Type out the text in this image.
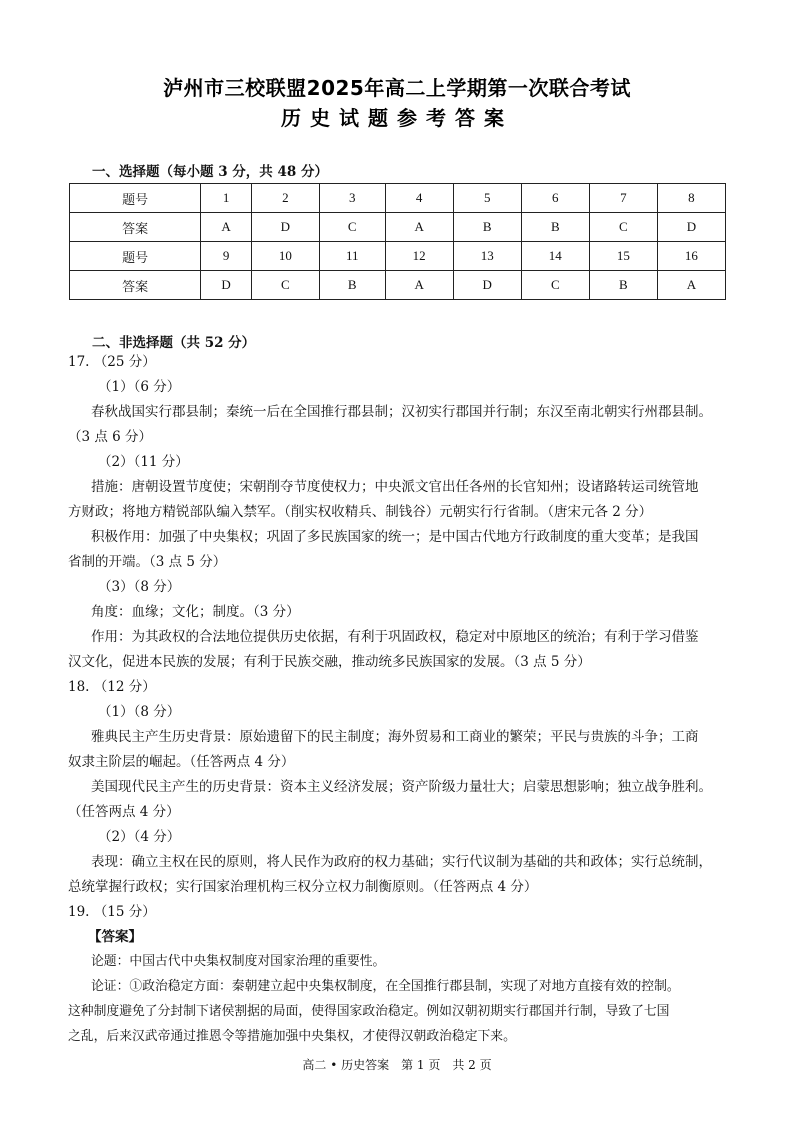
泸州市三校联盟2025年高二上学期第一次联合考试
历史试题参考答案
一、选择题（每小题 3 分，共 48 分）
题号	1	2	3	4	5	6	7	8
答案	A	D	C	A	B	B	C	D
题号	9	10	11	12	13	14	15	16
答案	D	C	B	A	D	C	B	A
二、非选择题（共 52 分）
17. （25 分）
（1）（6 分）
春秋战国实行郡县制；秦统一后在全国推行郡县制；汉初实行郡国并行制；东汉至南北朝实行州郡县制。
（3 点 6 分）
（2）（11 分）
措施：唐朝设置节度使；宋朝削夺节度使权力；中央派文官出任各州的长官知州；设诸路转运司统管地
方财政；将地方精锐部队编入禁军。（削实权收精兵、制钱谷）元朝实行行省制。（唐宋元各 2 分）
积极作用：加强了中央集权；巩固了多民族国家的统一；是中国古代地方行政制度的重大变革；是我国
省制的开端。（3 点 5 分）
（3）（8 分）
角度：血缘；文化；制度。（3 分）
作用：为其政权的合法地位提供历史依据，有利于巩固政权，稳定对中原地区的统治；有利于学习借鉴
汉文化，促进本民族的发展；有利于民族交融，推动统多民族国家的发展。（3 点 5 分）
18. （12 分）
（1）（8 分）
雅典民主产生历史背景：原始遗留下的民主制度；海外贸易和工商业的繁荣；平民与贵族的斗争；工商
奴隶主阶层的崛起。（任答两点 4 分）
美国现代民主产生的历史背景：资本主义经济发展；资产阶级力量壮大；启蒙思想影响；独立战争胜利。
（任答两点 4 分）
（2）（4 分）
表现：确立主权在民的原则，将人民作为政府的权力基础；实行代议制为基础的共和政体；实行总统制，
总统掌握行政权；实行国家治理机构三权分立权力制衡原则。（任答两点 4 分）
19. （15 分）
【答案】
论题：中国古代中央集权制度对国家治理的重要性。
论证：①政治稳定方面：秦朝建立起中央集权制度，在全国推行郡县制，实现了对地方直接有效的控制。
这种制度避免了分封制下诸侯割据的局面，使得国家政治稳定。例如汉朝初期实行郡国并行制，导致了七国
之乱，后来汉武帝通过推恩令等措施加强中央集权，才使得汉朝政治稳定下来。
高二 • 历史答案　第 1 页　共 2 页
